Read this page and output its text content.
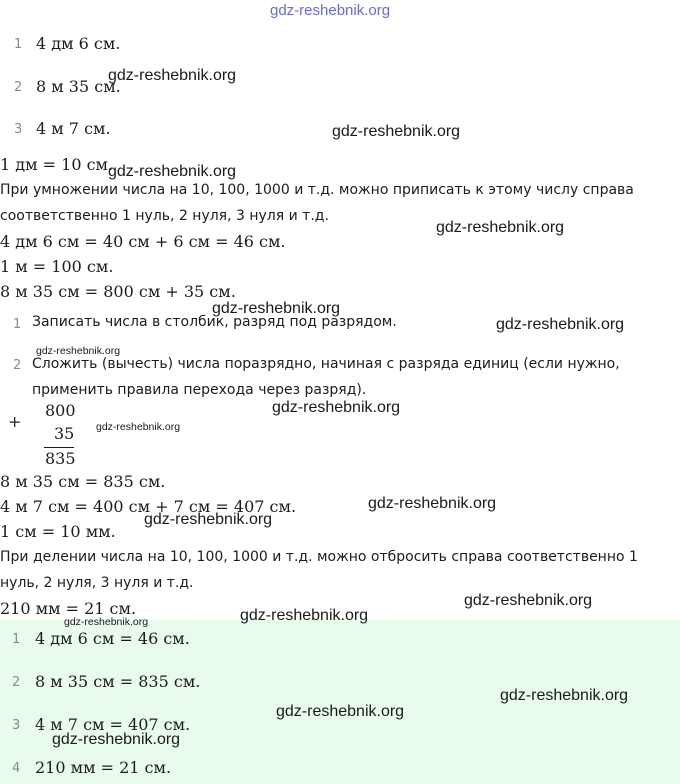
gdz-reshebnik.org
1 4 дм 6 см.
2 8 м 35 см.
3 4 м 7 см.
1 дм = 10 см.
При умножении числа на 10, 100, 1000 и т.д. можно приписать к этому числу справа
соответственно 1 нуль, 2 нуля, 3 нуля и т.д.
4 дм 6 см = 40 см + 6 см = 46 см.
1 м = 100 см.
8 м 35 см = 800 см + 35 см.
1 Записать числа в столбик, разряд под разрядом.
2 Сложить (вычесть) числа поразрядно, начиная с разряда единиц (если нужно,
применить правила перехода через разряд).
+
800
35
835
8 м 35 см = 835 см.
4 м 7 см = 400 см + 7 см = 407 см.
1 см = 10 мм.
При делении числа на 10, 100, 1000 и т.д. можно отбросить справа соответственно 1
нуль, 2 нуля, 3 нуля и т.д.
210 мм = 21 см.
1 4 дм 6 см = 46 см.
2 8 м 35 см = 835 см.
3 4 м 7 см = 407 см.
4 210 мм = 21 см.
gdz-reshebnik.org
gdz-reshebnik.org
gdz-reshebnik.org
gdz-reshebnik.org
gdz-reshebnik.org
gdz-reshebnik.org
gdz-reshebnik.org
gdz-reshebnik.org
gdz-reshebnik.org
gdz-reshebnik.org
gdz-reshebnik.org
gdz-reshebnik.org
gdz-reshebnik.org
gdz-reshebnik.org
gdz-reshebnik.org
gdz-reshebnik.org
gdz-reshebnik.org
